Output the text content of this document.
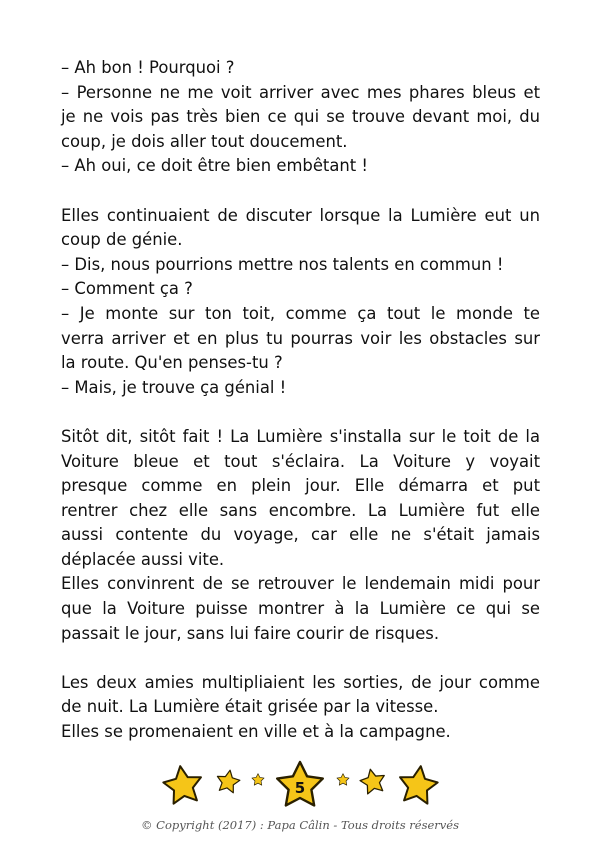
– Ah bon ! Pourquoi ?
– Personne ne me voit arriver avec mes phares bleus et
je ne vois pas très bien ce qui se trouve devant moi, du
coup, je dois aller tout doucement.
– Ah oui, ce doit être bien embêtant !
Elles continuaient de discuter lorsque la Lumière eut un
coup de génie.
– Dis, nous pourrions mettre nos talents en commun !
– Comment ça ?
– Je monte sur ton toit, comme ça tout le monde te
verra arriver et en plus tu pourras voir les obstacles sur
la route. Qu'en penses-tu ?
– Mais, je trouve ça génial !
Sitôt dit, sitôt fait ! La Lumière s'installa sur le toit de la
Voiture bleue et tout s'éclaira. La Voiture y voyait
presque comme en plein jour. Elle démarra et put
rentrer chez elle sans encombre. La Lumière fut elle
aussi contente du voyage, car elle ne s'était jamais
déplacée aussi vite.
Elles convinrent de se retrouver le lendemain midi pour
que la Voiture puisse montrer à la Lumière ce qui se
passait le jour, sans lui faire courir de risques.
Les deux amies multipliaient les sorties, de jour comme
de nuit. La Lumière était grisée par la vitesse.
Elles se promenaient en ville et à la campagne.
5
© Copyright (2017) : Papa Câlin - Tous droits réservés
